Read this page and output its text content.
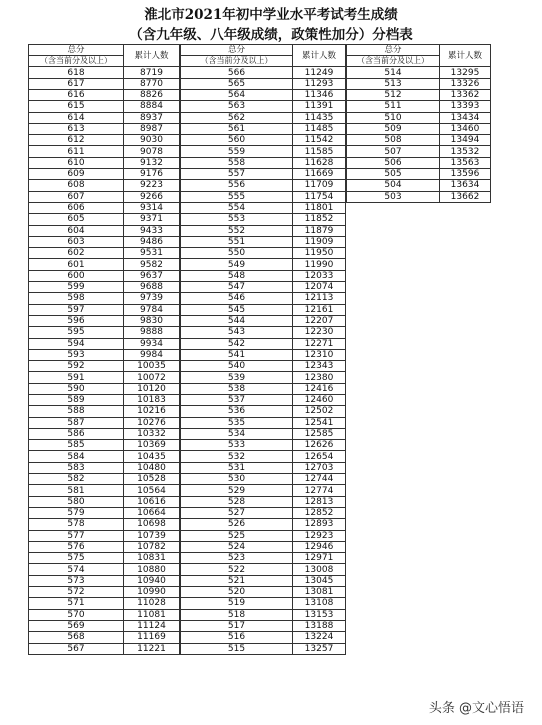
淮北市2021年初中学业水平考试考生成绩
（含九年级、八年级成绩，政策性加分）分档表
总分	累计人数
（含当前分及以上）	
618	8719
617	8770
616	8826
615	8884
614	8937
613	8987
612	9030
611	9078
610	9132
609	9176
608	9223
607	9266
606	9314
605	9371
604	9433
603	9486
602	9531
601	9582
600	9637
599	9688
598	9739
597	9784
596	9830
595	9888
594	9934
593	9984
592	10035
591	10072
590	10120
589	10183
588	10216
587	10276
586	10332
585	10369
584	10435
583	10480
582	10528
581	10564
580	10616
579	10664
578	10698
577	10739
576	10782
575	10831
574	10880
573	10940
572	10990
571	11028
570	11081
569	11124
568	11169
567	11221
总分	累计人数
（含当前分及以上）	
566	11249
565	11293
564	11346
563	11391
562	11435
561	11485
560	11542
559	11585
558	11628
557	11669
556	11709
555	11754
554	11801
553	11852
552	11879
551	11909
550	11950
549	11990
548	12033
547	12074
546	12113
545	12161
544	12207
543	12230
542	12271
541	12310
540	12343
539	12380
538	12416
537	12460
536	12502
535	12541
534	12585
533	12626
532	12654
531	12703
530	12744
529	12774
528	12813
527	12852
526	12893
525	12923
524	12946
523	12971
522	13008
521	13045
520	13081
519	13108
518	13153
517	13188
516	13224
515	13257
总分	累计人数
（含当前分及以上）	
514	13295
513	13326
512	13362
511	13393
510	13434
509	13460
508	13494
507	13532
506	13563
505	13596
504	13634
503	13662
头条 @文心悟语
